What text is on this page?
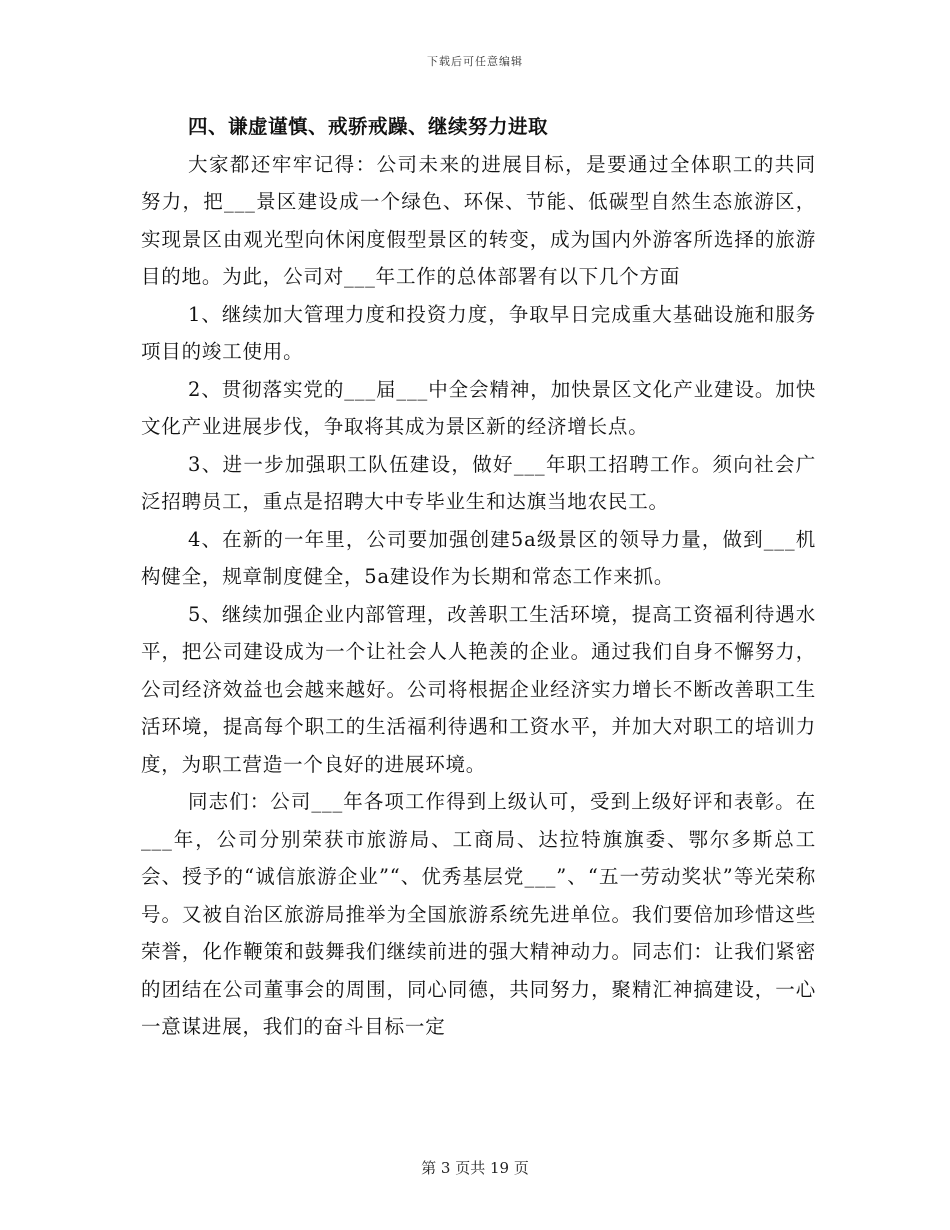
下载后可任意编辑
四、谦虚谨慎、戒骄戒躁、继续努力进取

大家都还牢牢记得：公司未来的进展目标，是要通过全体职工的共同努力，把___景区建设成一个绿色、环保、节能、低碳型自然生态旅游区，实现景区由观光型向休闲度假型景区的转变，成为国内外游客所选择的旅游目的地。为此，公司对___年工作的总体部署有以下几个方面

1、继续加大管理力度和投资力度，争取早日完成重大基础设施和服务项目的竣工使用。

2、贯彻落实党的___届___中全会精神，加快景区文化产业建设。加快文化产业进展步伐，争取将其成为景区新的经济增长点。

3、进一步加强职工队伍建设，做好___年职工招聘工作。须向社会广泛招聘员工，重点是招聘大中专毕业生和达旗当地农民工。

4、在新的一年里，公司要加强创建5a级景区的领导力量，做到___机构健全，规章制度健全，5a建设作为长期和常态工作来抓。

5、继续加强企业内部管理，改善职工生活环境，提高工资福利待遇水平，把公司建设成为一个让社会人人艳羡的企业。通过我们自身不懈努力，公司经济效益也会越来越好。公司将根据企业经济实力增长不断改善职工生活环境，提高每个职工的生活福利待遇和工资水平，并加大对职工的培训力度，为职工营造一个良好的进展环境。

同志们：公司___年各项工作得到上级认可，受到上级好评和表彰。在___年，公司分别荣获市旅游局、工商局、达拉特旗旗委、鄂尔多斯总工会、授予的“诚信旅游企业”“、优秀基层党___”、“五一劳动奖状”等光荣称号。又被自治区旅游局推举为全国旅游系统先进单位。我们要倍加珍惜这些荣誉，化作鞭策和鼓舞我们继续前进的强大精神动力。同志们：让我们紧密的团结在公司董事会的周围，同心同德，共同努力，聚精汇神搞建设，一心一意谋进展，我们的奋斗目标一定

第 3 页共 19 页
